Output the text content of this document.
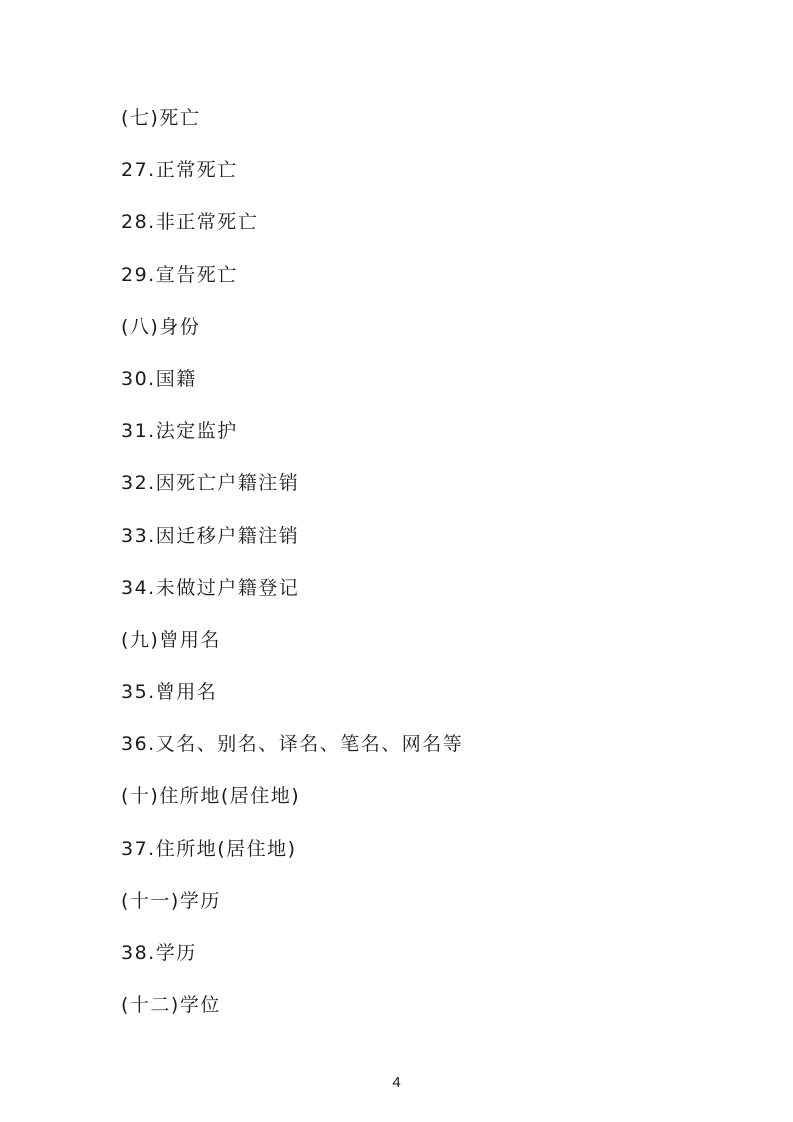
(七)死亡
27.正常死亡
28.非正常死亡
29.宣告死亡
(八)身份
30.国籍
31.法定监护
32.因死亡户籍注销
33.因迁移户籍注销
34.未做过户籍登记
(九)曾用名
35.曾用名
36.又名、别名、译名、笔名、网名等
(十)住所地(居住地)
37.住所地(居住地)
(十一)学历
38.学历
(十二)学位
4
